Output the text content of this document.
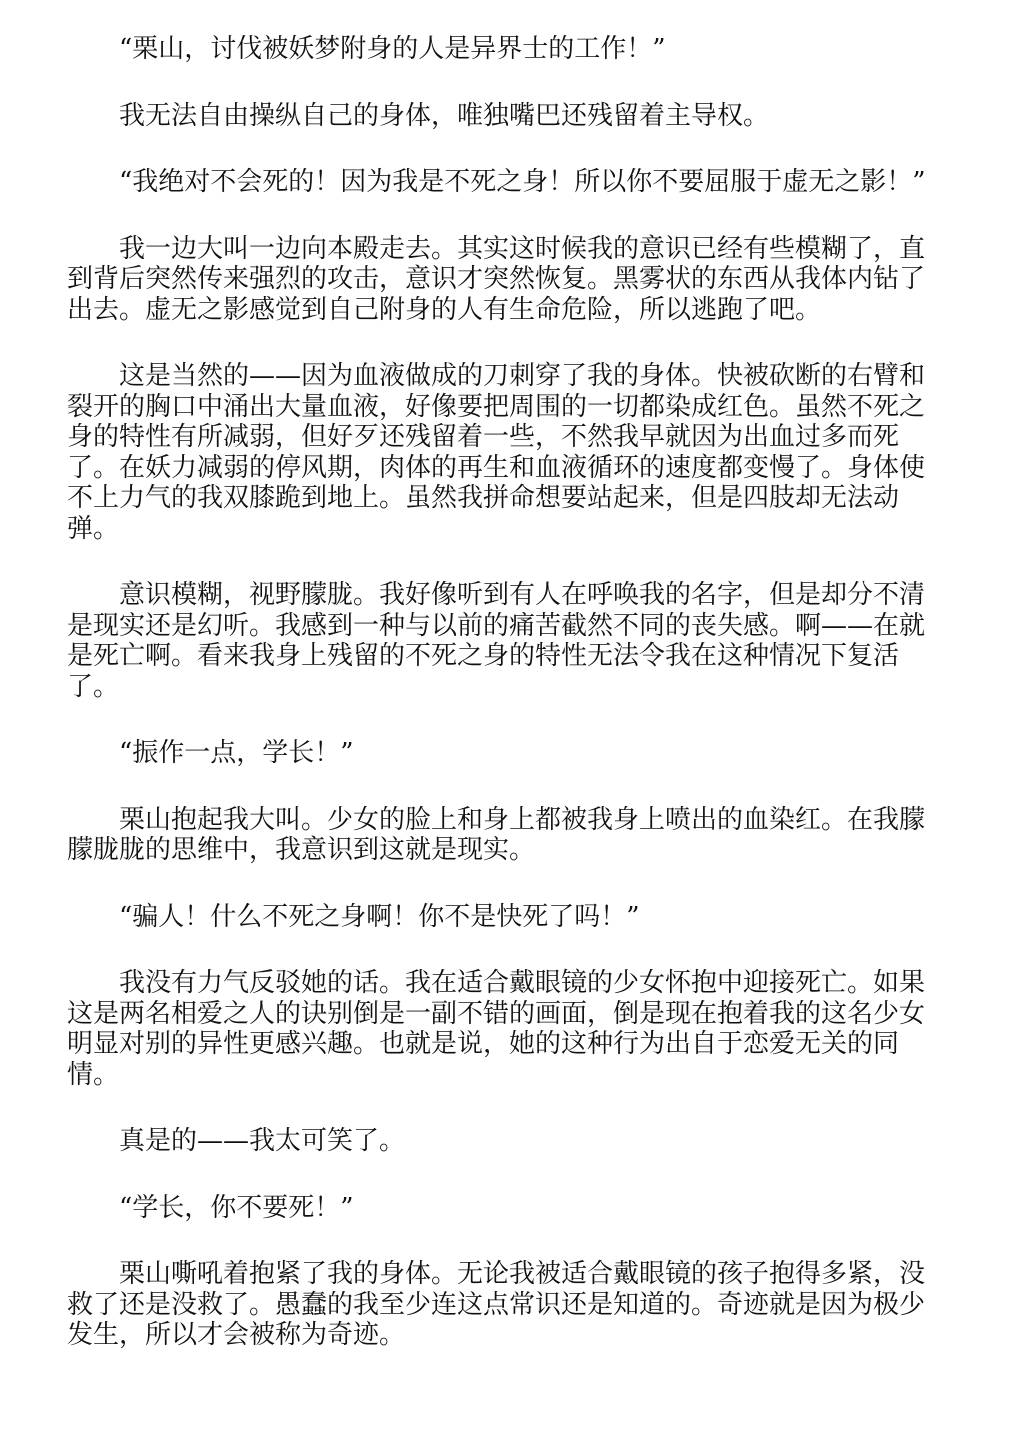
“栗山，讨伐被妖梦附身的人是异界士的工作！”

我无法自由操纵自己的身体，唯独嘴巴还残留着主导权。

“我绝对不会死的！因为我是不死之身！所以你不要屈服于虚无之影！”

我一边大叫一边向本殿走去。其实这时候我的意识已经有些模糊了，直到背后突然传来强烈的攻击，意识才突然恢复。黑雾状的东西从我体内钻了出去。虚无之影感觉到自己附身的人有生命危险，所以逃跑了吧。

这是当然的——因为血液做成的刀刺穿了我的身体。快被砍断的右臂和裂开的胸口中涌出大量血液，好像要把周围的一切都染成红色。虽然不死之身的特性有所减弱，但好歹还残留着一些，不然我早就因为出血过多而死了。在妖力减弱的停风期，肉体的再生和血液循环的速度都变慢了。身体使不上力气的我双膝跪到地上。虽然我拼命想要站起来，但是四肢却无法动弹。

意识模糊，视野朦胧。我好像听到有人在呼唤我的名字，但是却分不清是现实还是幻听。我感到一种与以前的痛苦截然不同的丧失感。啊——在就是死亡啊。看来我身上残留的不死之身的特性无法令我在这种情况下复活了。

“振作一点，学长！”

栗山抱起我大叫。少女的脸上和身上都被我身上喷出的血染红。在我朦朦胧胧的思维中，我意识到这就是现实。

“骗人！什么不死之身啊！你不是快死了吗！”

我没有力气反驳她的话。我在适合戴眼镜的少女怀抱中迎接死亡。如果这是两名相爱之人的诀别倒是一副不错的画面，倒是现在抱着我的这名少女明显对别的异性更感兴趣。也就是说，她的这种行为出自于恋爱无关的同情。

真是的——我太可笑了。

“学长，你不要死！”

栗山嘶吼着抱紧了我的身体。无论我被适合戴眼镜的孩子抱得多紧，没救了还是没救了。愚蠢的我至少连这点常识还是知道的。奇迹就是因为极少发生，所以才会被称为奇迹。
